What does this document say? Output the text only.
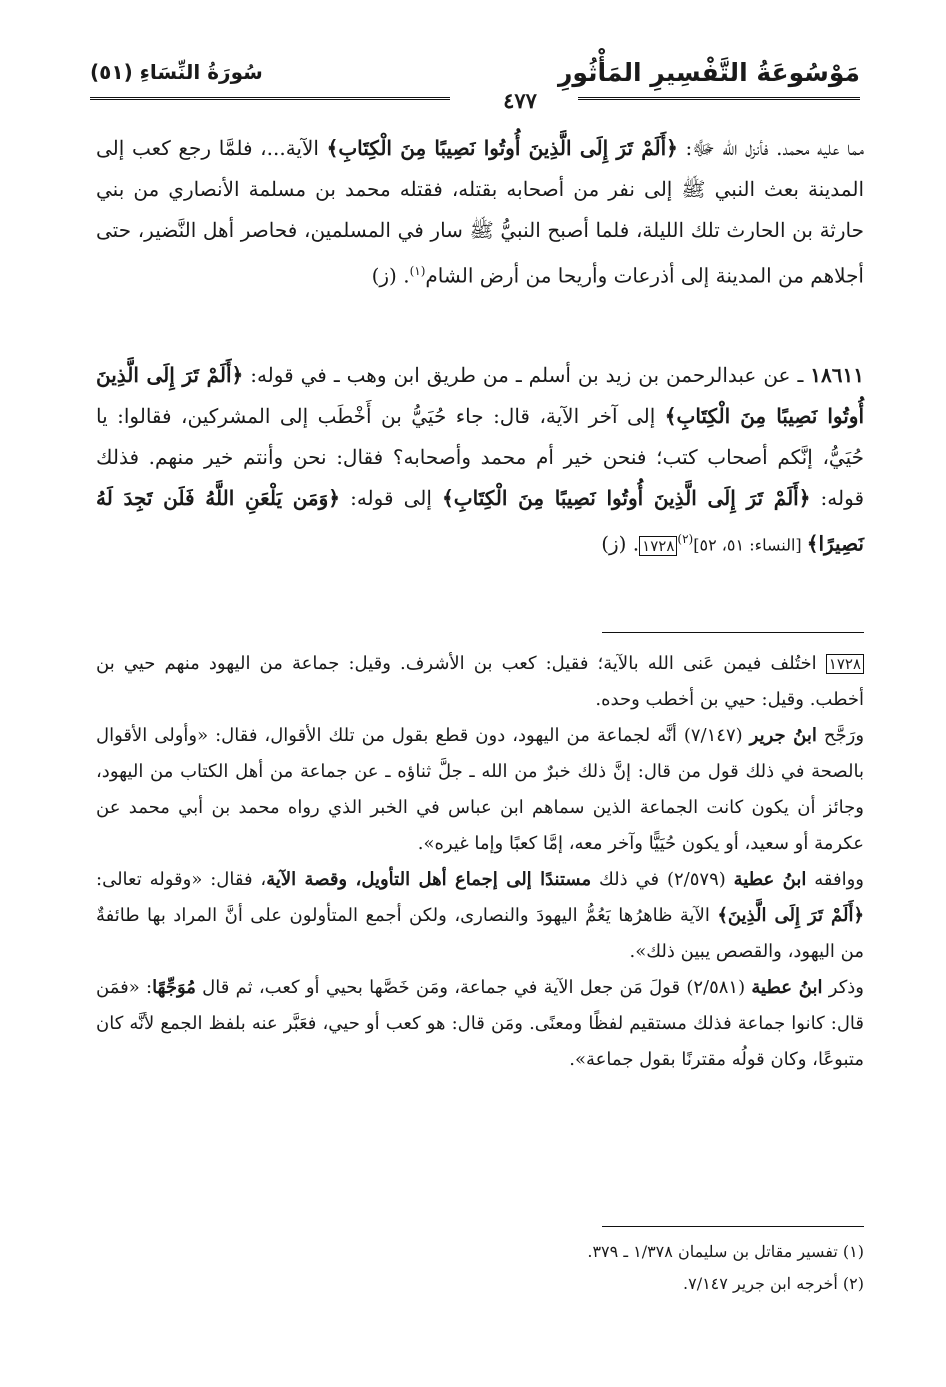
مَوْسُوعَةُ التَّفْسِيرِ المَأْثُورِ
سُورَةُ النِّسَاءِ (٥١)
٤٧٧

مما عليه محمد. فأنزل الله ﷻ: ﴿أَلَمْ تَرَ إِلَى الَّذِينَ أُوتُوا نَصِيبًا مِنَ الْكِتَابِ﴾ الآية...، فلمَّا رجع كعب إلى المدينة بعث النبي ﷺ إلى نفر من أصحابه بقتله، فقتله محمد بن مسلمة الأنصاري من بني حارثة بن الحارث تلك الليلة، فلما أصبح النبيُّ ﷺ سار في المسلمين، فحاصر أهل النَّضير، حتى أجلاهم من المدينة إلى أذرعات وأريحا من أرض الشام$^{(١)}$. (ز)

١٨٦١١ ـ عن عبدالرحمن بن زيد بن أسلم ـ من طريق ابن وهب ـ في قوله: ﴿أَلَمْ تَرَ إِلَى الَّذِينَ أُوتُوا نَصِيبًا مِنَ الْكِتَابِ﴾ إلى آخر الآية، قال: جاء حُيَيُّ بن أَخْطَب إلى المشركين، فقالوا: يا حُيَيُّ، إنَّكم أصحاب كتب؛ فنحن خير أم محمد وأصحابه؟ فقال: نحن وأنتم خير منهم. فذلك قوله: ﴿أَلَمْ تَرَ إِلَى الَّذِينَ أُوتُوا نَصِيبًا مِنَ الْكِتَابِ﴾ إلى قوله: ﴿وَمَن يَلْعَنِ اللَّهُ فَلَن تَجِدَ لَهُ نَصِيرًا﴾ [النساء: ٥١، ٥٢]$^{(٢)}$١٧٢٨. (ز)

١٧٢٨ اختُلف فيمن عَنى الله بالآية؛ فقيل: كعب بن الأشرف. وقيل: جماعة من اليهود منهم حيي بن أخطب. وقيل: حيي بن أخطب وحده.

ورَجَّح ابنُ جرير (٧/١٤٧) أنَّه لجماعة من اليهود، دون قطع بقول من تلك الأقوال، فقال: «وأولى الأقوال بالصحة في ذلك قول من قال: إنَّ ذلك خبرٌ من الله ـ جلَّ ثناؤه ـ عن جماعة من أهل الكتاب من اليهود، وجائز أن يكون كانت الجماعة الذين سماهم ابن عباس في الخبر الذي رواه محمد بن أبي محمد عن عكرمة أو سعيد، أو يكون حُيَيًّا وآخر معه، إمَّا كعبًا وإما غيره».

ووافقه ابنُ عطية (٢/٥٧٩) في ذلك مستندًا إلى إجماع أهل التأويل، وقصة الآية، فقال: «وقوله تعالى: ﴿أَلَمْ تَرَ إِلَى الَّذِينَ﴾ الآية ظاهرُها يَعُمُّ اليهودَ والنصارى، ولكن أجمع المتأولون على أنَّ المراد بها طائفةٌ من اليهود، والقصص يبين ذلك».

وذكر ابنُ عطية (٢/٥٨١) قولَ مَن جعل الآية في جماعة، ومَن خَصَّها بحيي أو كعب، ثم قال مُوَجِّهًا: «فمَن قال: كانوا جماعة فذلك مستقيم لفظًا ومعنًى. ومَن قال: هو كعب أو حيي، فعَبَّر عنه بلفظ الجمع لأنَّه كان متبوعًا، وكان قولُه مقترنًا بقول جماعة».

(١) تفسير مقاتل بن سليمان ١/٣٧٨ ـ ٣٧٩.

(٢) أخرجه ابن جرير ٧/١٤٧.
